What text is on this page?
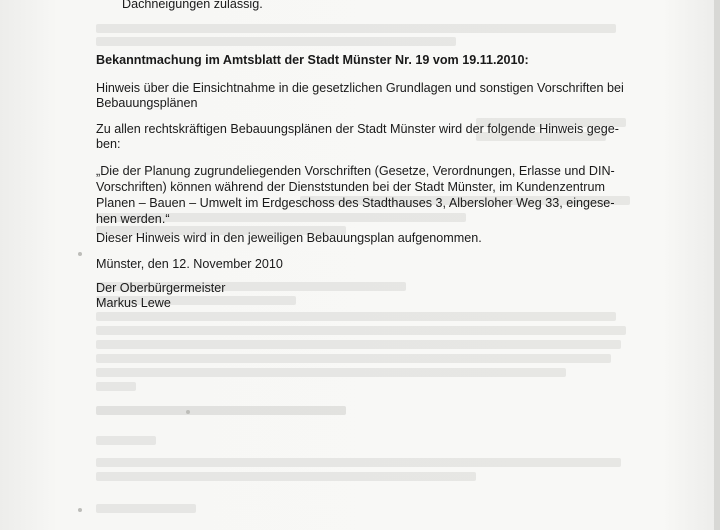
Dachneigungen zulässig.
Bekanntmachung im Amtsblatt der Stadt Münster Nr. 19 vom 19.11.2010:
Hinweis über die Einsichtnahme in die gesetzlichen Grundlagen und sonstigen Vorschriften bei
Bebauungsplänen
Zu allen rechtskräftigen Bebauungsplänen der Stadt Münster wird der folgende Hinweis gege-
ben:
„Die der Planung zugrundeliegenden Vorschriften (Gesetze, Verordnungen, Erlasse und DIN-
Vorschriften) können während der Dienststunden bei der Stadt Münster, im Kundenzentrum
Planen – Bauen – Umwelt im Erdgeschoss des Stadthauses 3, Albersloher Weg 33, eingese-
hen werden.“
Dieser Hinweis wird in den jeweiligen Bebauungsplan aufgenommen.
Münster, den 12. November 2010
Der Oberbürgermeister
Markus Lewe
